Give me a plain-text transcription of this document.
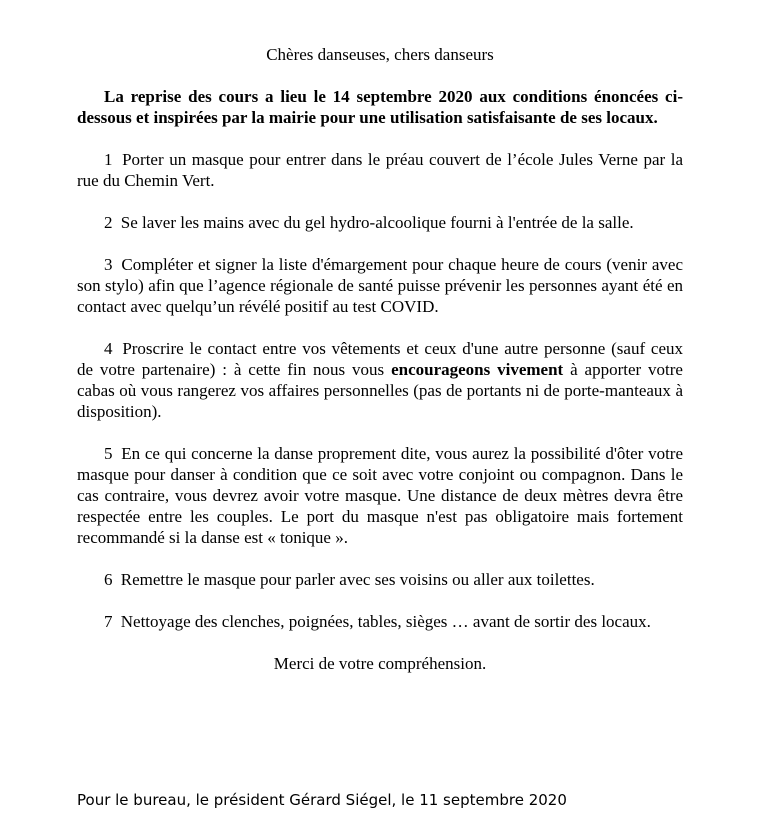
Chères danseuses, chers danseurs

La reprise des cours a lieu le 14 septembre 2020 aux conditions énoncées ci-dessous et inspirées par la mairie pour une utilisation satisfaisante de ses locaux.

1 Porter un masque pour entrer dans le préau couvert de l’école Jules Verne par la rue du Chemin Vert.

2 Se laver les mains avec du gel hydro-alcoolique fourni à l'entrée de la salle.

3 Compléter et signer la liste d'émargement pour chaque heure de cours (venir avec son stylo) afin que l’agence régionale de santé puisse prévenir les personnes ayant été en contact avec quelqu’un révélé positif au test COVID.

4 Proscrire le contact entre vos vêtements et ceux d'une autre personne (sauf ceux de votre partenaire) : à cette fin nous vous encourageons vivement à apporter votre cabas où vous rangerez vos affaires personnelles (pas de portants ni de porte-manteaux à disposition).

5 En ce qui concerne la danse proprement dite, vous aurez la possibilité d'ôter votre masque pour danser à condition que ce soit avec votre conjoint ou compagnon. Dans le cas contraire, vous devrez avoir votre masque. Une distance de deux mètres devra être respectée entre les couples. Le port du masque n'est pas obligatoire mais fortement recommandé si la danse est « tonique ».

6 Remettre le masque pour parler avec ses voisins ou aller aux toilettes.

7 Nettoyage des clenches, poignées, tables, sièges … avant de sortir des locaux.

Merci de votre compréhension.

Pour le bureau, le président Gérard Siégel, le 11 septembre 2020
